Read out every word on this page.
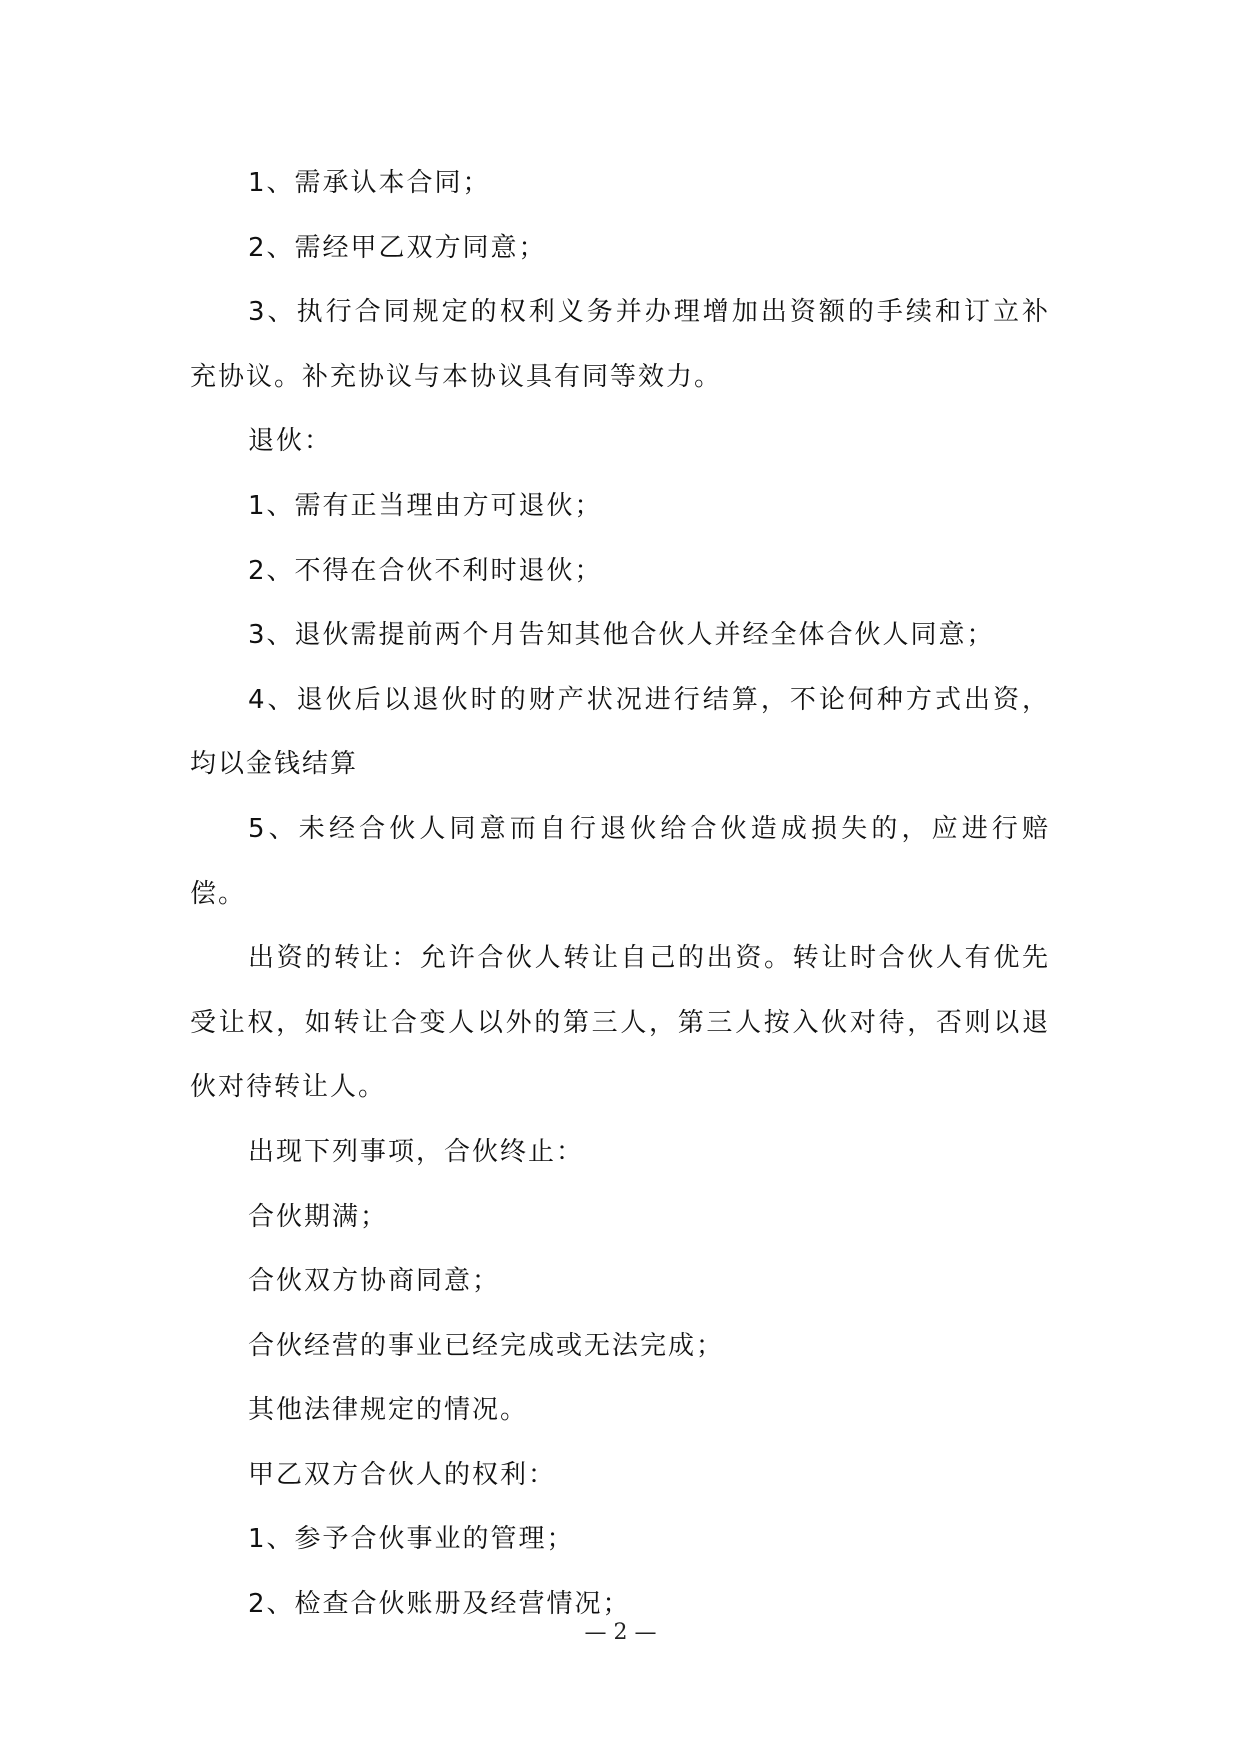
1、需承认本合同；

2、需经甲乙双方同意；

3、执行合同规定的权利义务并办理增加出资额的手续和订立补充协议。补充协议与本协议具有同等效力。

退伙：

1、需有正当理由方可退伙；

2、不得在合伙不利时退伙；

3、退伙需提前两个月告知其他合伙人并经全体合伙人同意；

4、退伙后以退伙时的财产状况进行结算，不论何种方式出资，均以金钱结算

5、未经合伙人同意而自行退伙给合伙造成损失的，应进行赔偿。

出资的转让：允许合伙人转让自己的出资。转让时合伙人有优先受让权，如转让合变人以外的第三人，第三人按入伙对待，否则以退伙对待转让人。

出现下列事项，合伙终止：

合伙期满；

合伙双方协商同意；

合伙经营的事业已经完成或无法完成；

其他法律规定的情况。

甲乙双方合伙人的权利：

1、参予合伙事业的管理；

2、检查合伙账册及经营情况；

— 2 —
